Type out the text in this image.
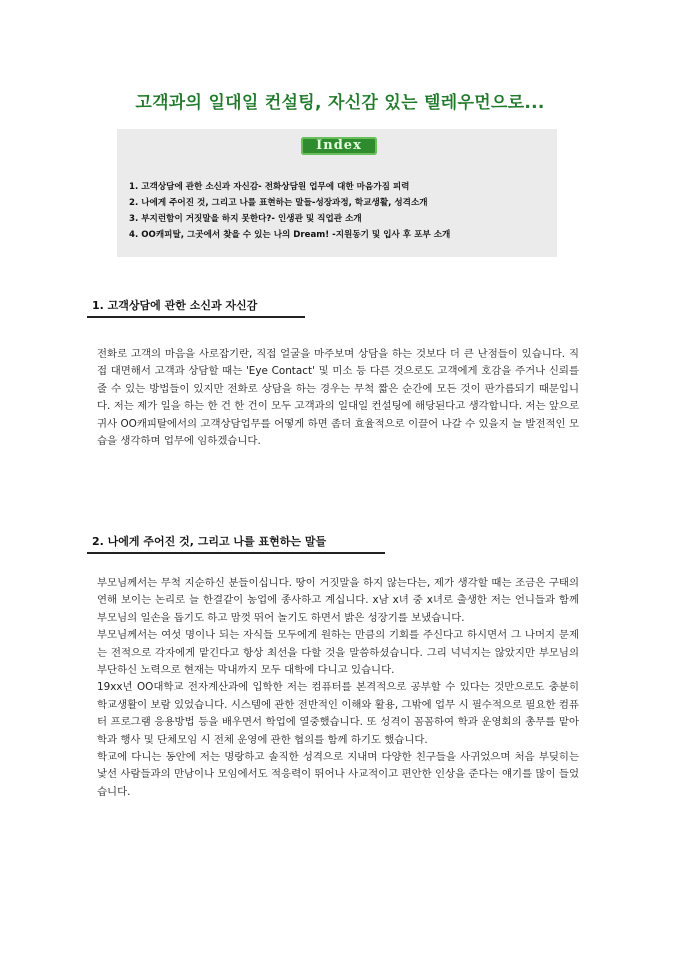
고객과의 일대일 컨설팅, 자신감 있는 텔레우먼으로...
Index
1. 고객상담에 관한 소신과 자신감- 전화상담원 업무에 대한 마음가짐 피력
2. 나에게 주어진 것, 그리고 나를 표현하는 말들-성장과정, 학교생활, 성격소개
3. 부지런함이 거짓말을 하지 못한다?- 인생관 및 직업관 소개
4. OO캐피탈, 그곳에서 찾을 수 있는 나의 Dream! -지원동기 및 입사 후 포부 소개
1. 고객상담에 관한 소신과 자신감

전화로 고객의 마음을 사로잡기란, 직접 얼굴을 마주보며 상담을 하는 것보다 더 큰 난점들이 있습니다. 직접 대면해서 고객과 상담할 때는 'Eye Contact' 및 미소 등 다른 것으로도 고객에게 호감을 주거나 신뢰를 줄 수 있는 방법들이 있지만 전화로 상담을 하는 경우는 무척 짧은 순간에 모든 것이 판가름되기 때문입니다. 저는 제가 일을 하는 한 건 한 건이 모두 고객과의 일대일 컨설팅에 해당된다고 생각합니다. 저는 앞으로 귀사 OO캐피탈에서의 고객상담업무를 어떻게 하면 좀더 효율적으로 이끌어 나갈 수 있을지 늘 발전적인 모습을 생각하며 업무에 임하겠습니다.

2. 나에게 주어진 것, 그리고 나를 표현하는 말들

부모님께서는 무척 지순하신 분들이십니다. 땅이 거짓말을 하지 않는다는, 제가 생각할 때는 조금은 구태의연해 보이는 논리로 늘 한결같이 농업에 종사하고 계십니다. x남 x녀 중 x녀로 출생한 저는 언니들과 함께 부모님의 일손을 돕기도 하고 맘껏 뛰어 놀기도 하면서 밝은 성장기를 보냈습니다.

부모님께서는 여섯 명이나 되는 자식들 모두에게 원하는 만큼의 기회를 주신다고 하시면서 그 나머지 문제는 전적으로 각자에게 맡긴다고 항상 최선을 다할 것을 말씀하셨습니다. 그리 넉넉지는 않았지만 부모님의 부단하신 노력으로 현재는 막내까지 모두 대학에 다니고 있습니다.

19xx년 OO대학교 전자계산과에 입학한 저는 컴퓨터를 본격적으로 공부할 수 있다는 것만으로도 충분히 학교생활이 보람 있었습니다. 시스템에 관한 전반적인 이해와 활용, 그밖에 업무 시 필수적으로 필요한 컴퓨터 프로그램 응용방법 등을 배우면서 학업에 열중했습니다. 또 성격이 꼼꼼하여 학과 운영회의 총무를 맡아 학과 행사 및 단체모임 시 전체 운영에 관한 협의를 함께 하기도 했습니다.

학교에 다니는 동안에 저는 명랑하고 솔직한 성격으로 지내며 다양한 친구들을 사귀었으며 처음 부딪히는 낯선 사람들과의 만남이나 모임에서도 적응력이 뛰어나 사교적이고 편안한 인상을 준다는 얘기를 많이 들었습니다.
